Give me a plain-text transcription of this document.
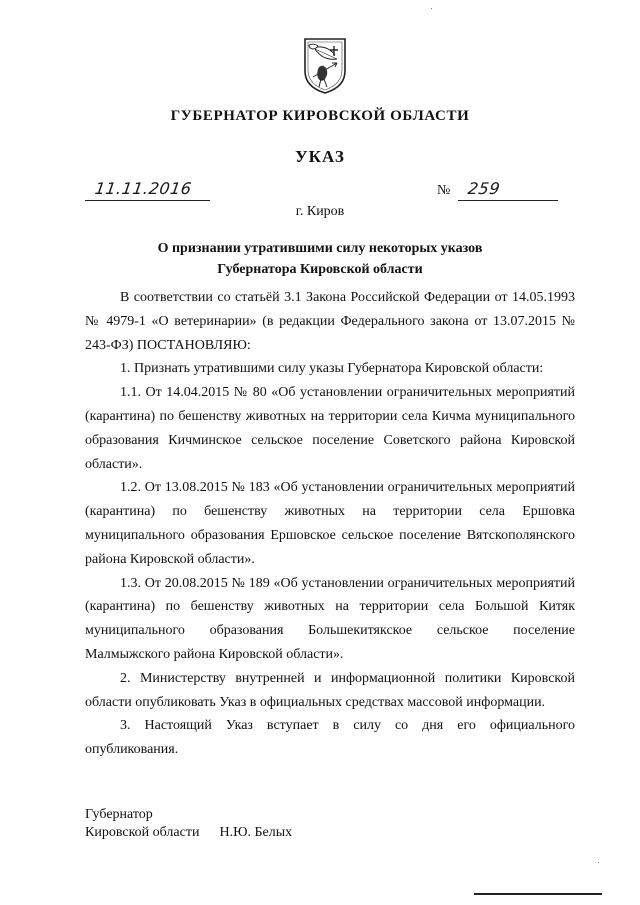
ГУБЕРНАТОР КИРОВСКОЙ ОБЛАСТИ
УКАЗ
11.11.2016	№ 259
г. Киров
О признании утратившими силу некоторых указов
Губернатора Кировской области

В соответствии со статьёй 3.1 Закона Российской Федерации от 14.05.1993 № 4979-1 «О ветеринарии» (в редакции Федерального закона от 13.07.2015 № 243-ФЗ) ПОСТАНОВЛЯЮ:

1. Признать утратившими силу указы Губернатора Кировской области:

1.1. От 14.04.2015 № 80 «Об установлении ограничительных мероприятий (карантина) по бешенству животных на территории села Кичма муниципального образования Кичминское сельское поселение Советского района Кировской области».

1.2. От 13.08.2015 № 183 «Об установлении ограничительных мероприятий (карантина) по бешенству животных на территории села Ершовка муниципального образования Ершовское сельское поселение Вятскополянского района Кировской области».

1.3. От 20.08.2015 № 189 «Об установлении ограничительных мероприятий (карантина) по бешенству животных на территории села Большой Китяк муниципального образования Большекитякское сельское поселение Малмыжского района Кировской области».

2. Министерству внутренней и информационной политики Кировской области опубликовать Указ в официальных средствах массовой информации.

3. Настоящий Указ вступает в силу со дня его официального опубликования.

Губернатор
Кировской области Н.Ю. Белых
